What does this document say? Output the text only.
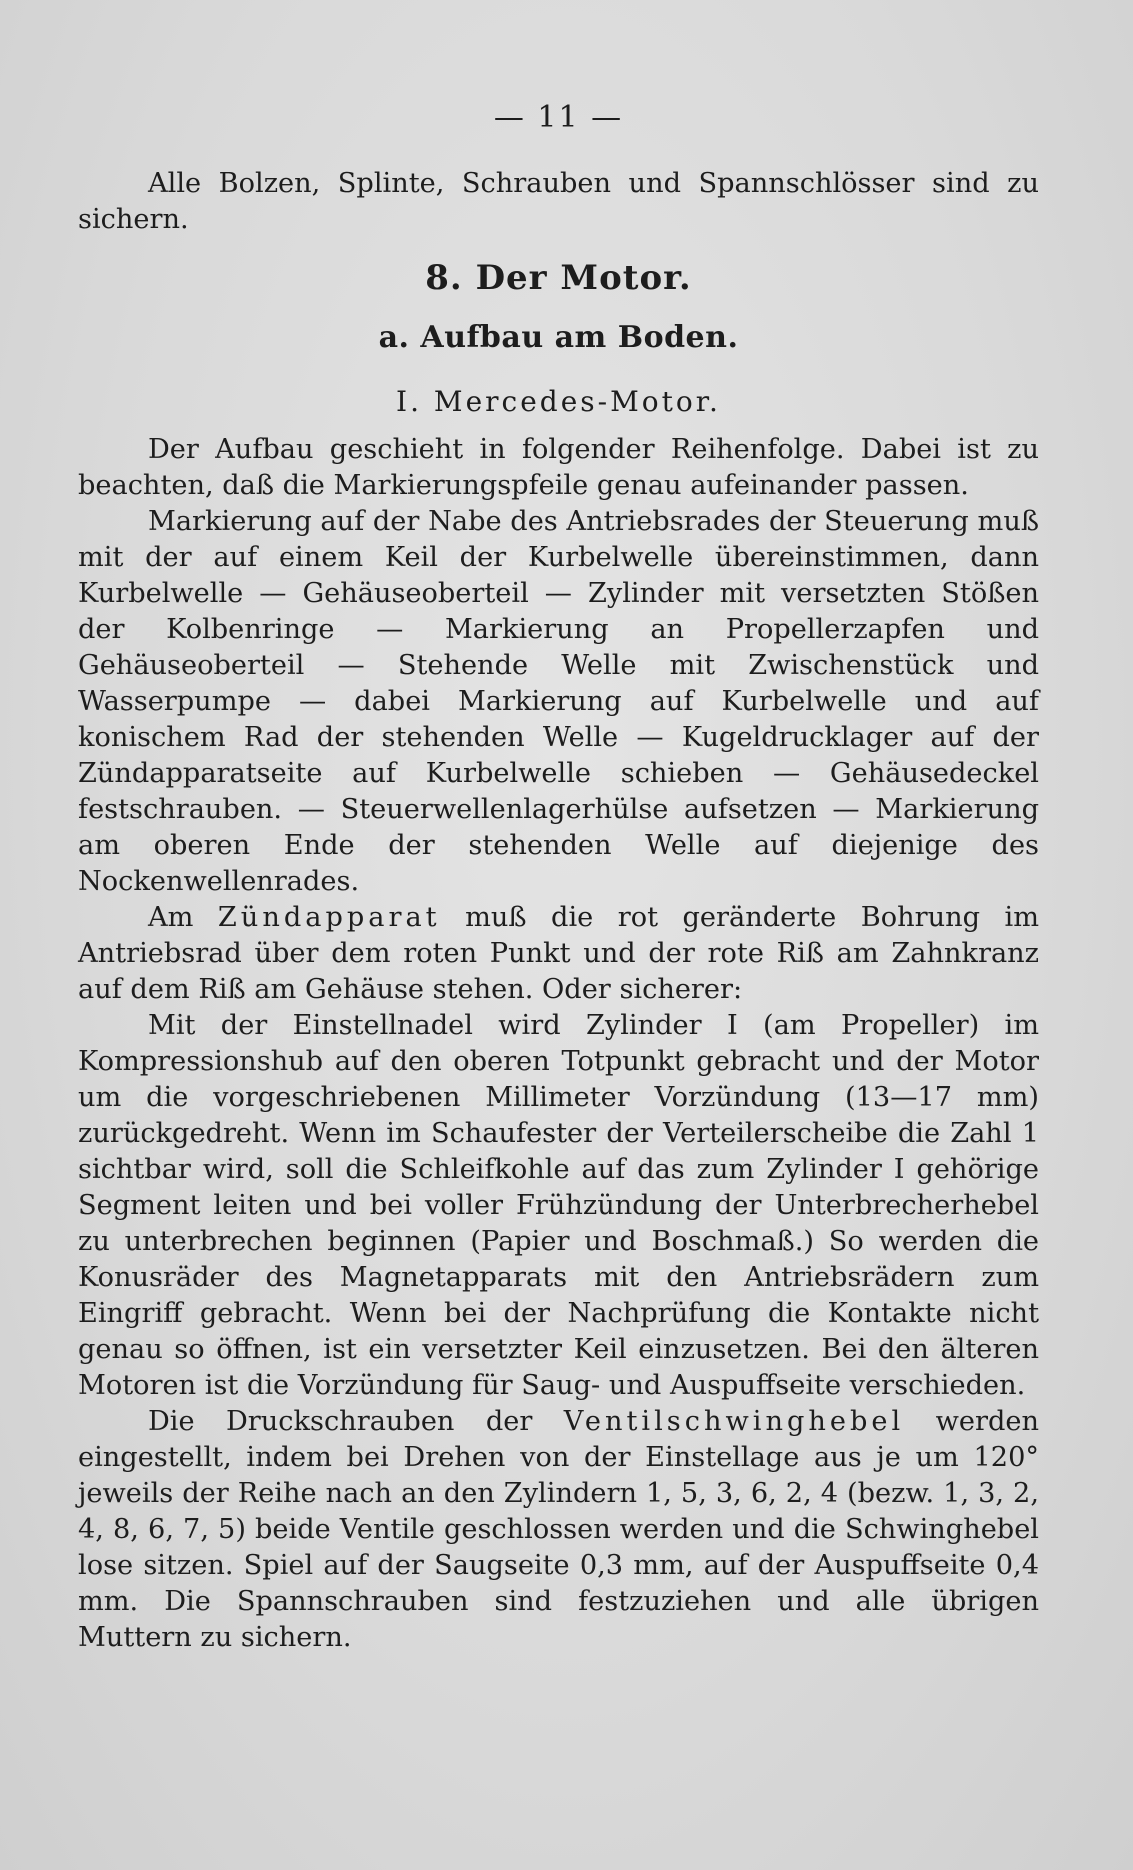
— 11 —

Alle Bolzen, Splinte, Schrauben und Spannschlösser sind zu sichern.

8. Der Motor.
a. Aufbau am Boden.
I. Mercedes-Motor.

Der Aufbau geschieht in folgender Reihenfolge. Dabei ist zu beachten, daß die Markierungspfeile genau aufeinander passen.

Markierung auf der Nabe des Antriebsrades der Steuerung muß mit der auf einem Keil der Kurbelwelle übereinstimmen, dann Kurbelwelle — Gehäuseoberteil — Zylinder mit versetzten Stößen der Kolbenringe — Markierung an Propellerzapfen und Gehäuseoberteil — Stehende Welle mit Zwischenstück und Wasserpumpe — dabei Markierung auf Kurbelwelle und auf konischem Rad der stehenden Welle — Kugeldrucklager auf der Zündapparatseite auf Kurbelwelle schieben — Gehäusedeckel festschrauben. — Steuerwellenlagerhülse aufsetzen — Markierung am oberen Ende der stehenden Welle auf diejenige des Nockenwellenrades.

Am Zündapparat muß die rot geränderte Bohrung im Antriebsrad über dem roten Punkt und der rote Riß am Zahnkranz auf dem Riß am Gehäuse stehen. Oder sicherer:

Mit der Einstellnadel wird Zylinder I (am Propeller) im Kompressionshub auf den oberen Totpunkt gebracht und der Motor um die vorgeschriebenen Millimeter Vorzündung (13—17 mm) zurückgedreht. Wenn im Schaufester der Verteilerscheibe die Zahl 1 sichtbar wird, soll die Schleifkohle auf das zum Zylinder I gehörige Segment leiten und bei voller Frühzündung der Unterbrecherhebel zu unterbrechen beginnen (Papier und Boschmaß.) So werden die Konusräder des Magnetapparats mit den Antriebsrädern zum Eingriff gebracht. Wenn bei der Nachprüfung die Kontakte nicht genau so öffnen, ist ein versetzter Keil einzusetzen. Bei den älteren Motoren ist die Vorzündung für Saug- und Auspuffseite verschieden.

Die Druckschrauben der Ventilschwinghebel werden eingestellt, indem bei Drehen von der Einstellage aus je um 120° jeweils der Reihe nach an den Zylindern 1, 5, 3, 6, 2, 4 (bezw. 1, 3, 2, 4, 8, 6, 7, 5) beide Ventile geschlossen werden und die Schwinghebel lose sitzen. Spiel auf der Saugseite 0,3 mm, auf der Auspuffseite 0,4 mm. Die Spannschrauben sind festzuziehen und alle übrigen Muttern zu sichern.
